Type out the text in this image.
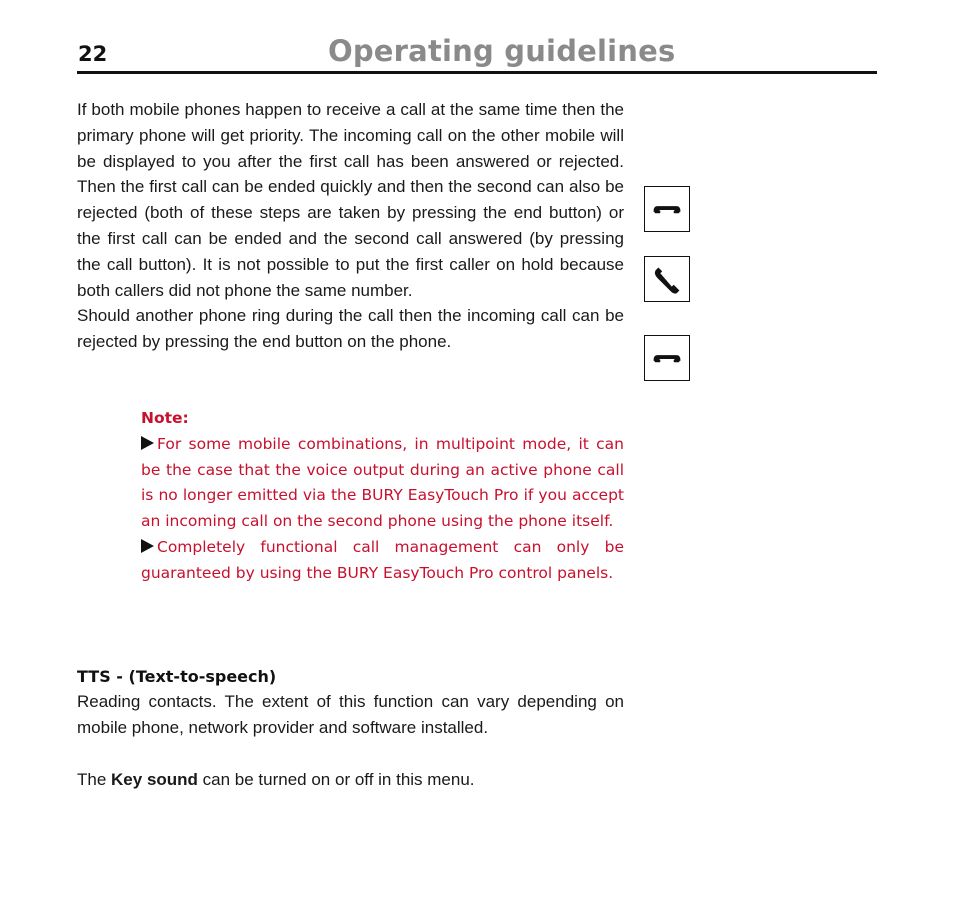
22	Operating guidelines

If both mobile phones happen to receive a call at the same time then the primary phone will get priority. The incoming call on the other mobile will be displayed to you after the first call has been answered or rejected. Then the first call can be ended quickly and then the second can also be rejected (both of these steps are taken by pressing the end button) or the first call can be ended and the second call answered (by pressing the call button). It is not possible to put the first caller on hold because both callers did not phone the same number.

Should another phone ring during the call then the incoming call can be rejected by pressing the end button on the phone.

Note:

For some mobile combinations, in multipoint mode, it can be the case that the voice output during an active phone call is no longer emitted via the BURY EasyTouch Pro if you accept an incoming call on the second phone using the phone itself.

Completely functional call management can only be guaranteed by using the BURY EasyTouch Pro control panels.

TTS - (Text-to-speech)
Reading contacts. The extent of this function can vary depending on mobile phone, network provider and software installed.
The Key sound can be turned on or off in this menu.
